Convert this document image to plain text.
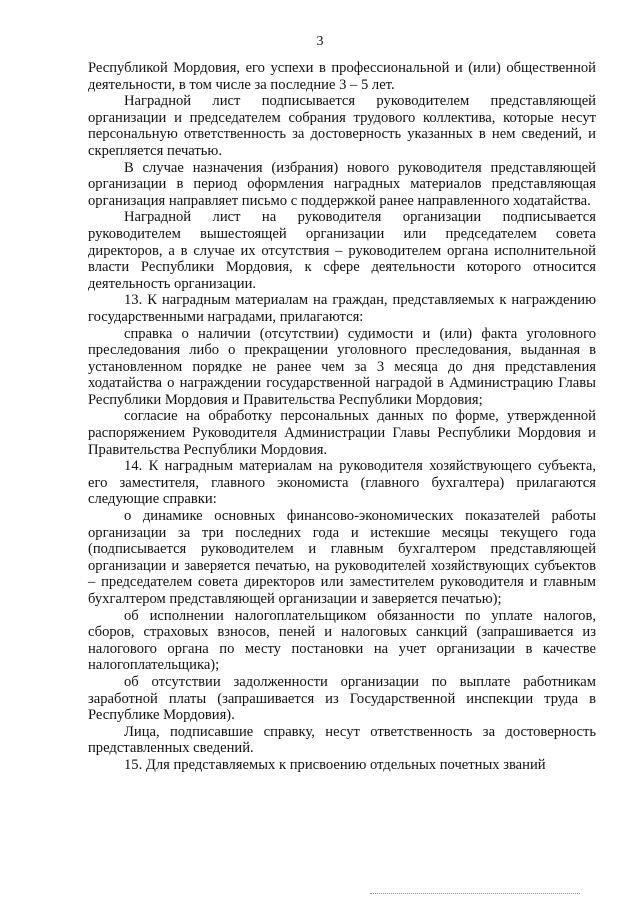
3

Республикой Мордовия, его успехи в профессиональной и (или) общественной деятельности, в том числе за последние 3 – 5 лет.

Наградной лист подписывается руководителем представляющей организации и председателем собрания трудового коллектива, которые несут персональную ответственность за достоверность указанных в нем сведений, и скрепляется печатью.

В случае назначения (избрания) нового руководителя представляющей организации в период оформления наградных материалов представляющая организация направляет письмо с поддержкой ранее направленного ходатайства.

Наградной лист на руководителя организации подписывается руководителем вышестоящей организации или председателем совета директоров, а в случае их отсутствия – руководителем органа исполнительной власти Республики Мордовия, к сфере деятельности которого относится деятельность организации.

13. К наградным материалам на граждан, представляемых к награждению государственными наградами, прилагаются:

справка о наличии (отсутствии) судимости и (или) факта уголовного преследования либо о прекращении уголовного преследования, выданная в установленном порядке не ранее чем за 3 месяца до дня представления ходатайства о награждении государственной наградой в Администрацию Главы Республики Мордовия и Правительства Республики Мордовия;

согласие на обработку персональных данных по форме, утвержденной распоряжением Руководителя Администрации Главы Республики Мордовия и Правительства Республики Мордовия.

14. К наградным материалам на руководителя хозяйствующего субъекта, его заместителя, главного экономиста (главного бухгалтера) прилагаются следующие справки:

о динамике основных финансово-экономических показателей работы организации за три последних года и истекшие месяцы текущего года (подписывается руководителем и главным бухгалтером представляющей организации и заверяется печатью, на руководителей хозяйствующих субъектов – председателем совета директоров или заместителем руководителя и главным бухгалтером представляющей организации и заверяется печатью);

об исполнении налогоплательщиком обязанности по уплате налогов, сборов, страховых взносов, пеней и налоговых санкций (запрашивается из налогового органа по месту постановки на учет организации в качестве налогоплательщика);

об отсутствии задолженности организации по выплате работникам заработной платы (запрашивается из Государственной инспекции труда в Республике Мордовия).

Лица, подписавшие справку, несут ответственность за достоверность представленных сведений.

15. Для представляемых к присвоению отдельных почетных званий
